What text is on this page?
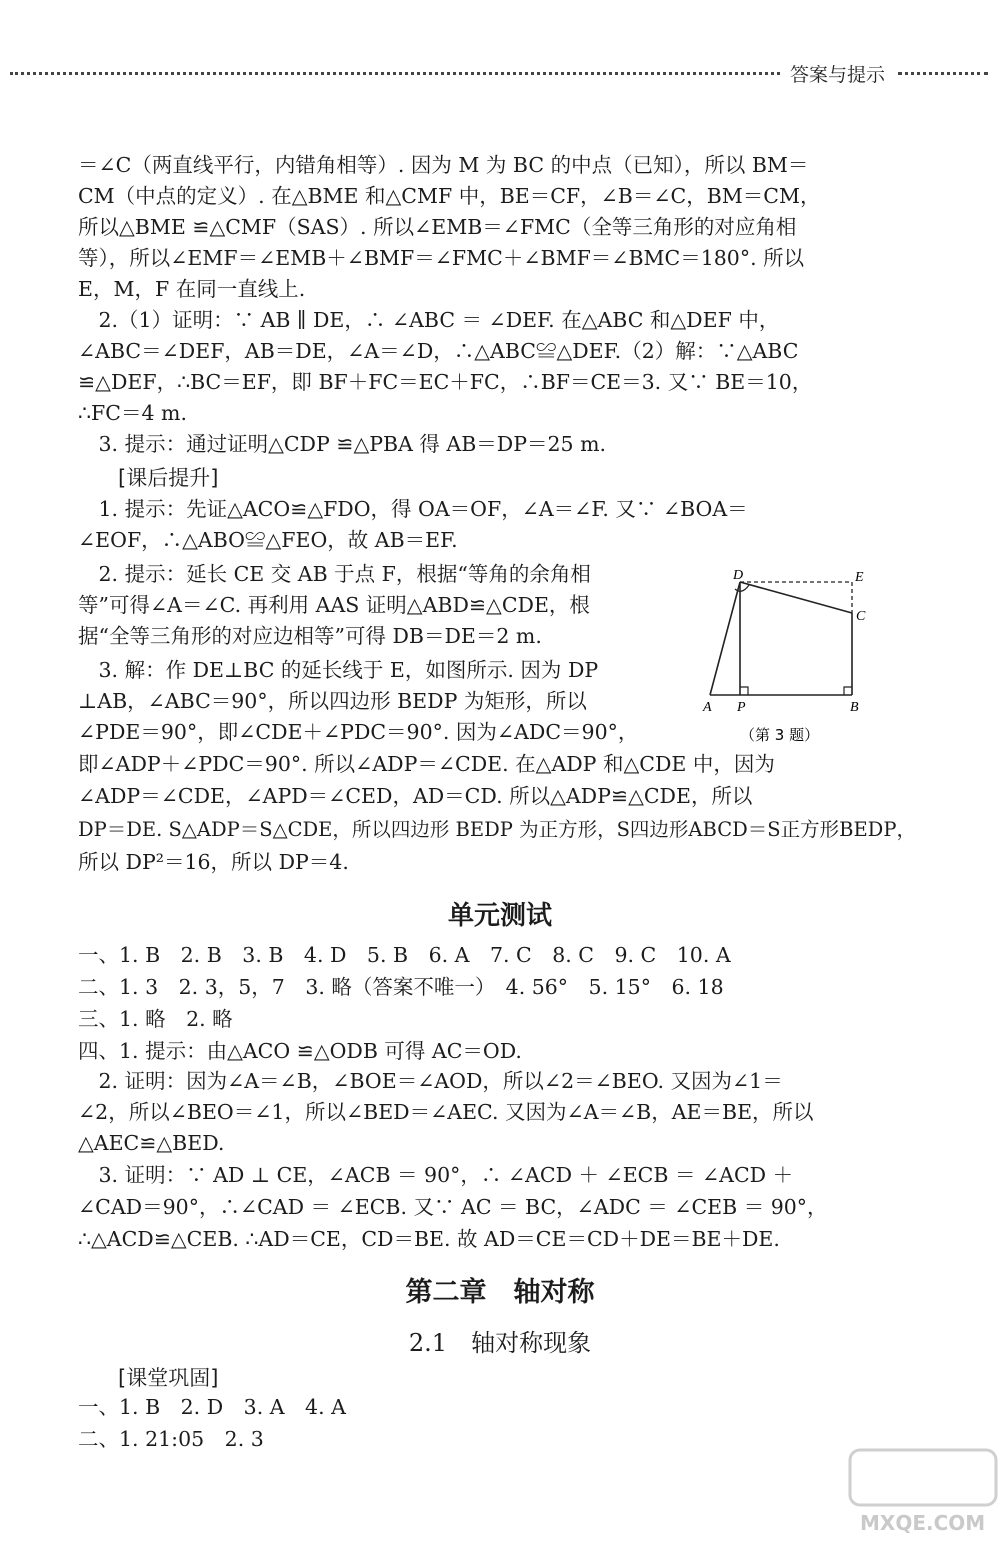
答案与提示
＝∠C（两直线平行，内错角相等）. 因为 M 为 BC 的中点（已知），所以 BM＝
CM（中点的定义）. 在△BME 和△CMF 中，BE＝CF，∠B＝∠C，BM＝CM，
所以△BME ≌△CMF（SAS）. 所以∠EMB＝∠FMC（全等三角形的对应角相
等），所以∠EMF＝∠EMB＋∠BMF＝∠FMC＋∠BMF＝∠BMC＝180°. 所以
E，M，F 在同一直线上.
　2.（1）证明：∵ AB ∥ DE，∴ ∠ABC ＝ ∠DEF. 在△ABC 和△DEF 中，
∠ABC＝∠DEF，AB＝DE，∠A＝∠D，∴△ABC≌△DEF.（2）解：∵△ABC
≌△DEF，∴BC＝EF，即 BF＋FC＝EC＋FC，∴BF＝CE＝3. 又∵ BE＝10，
∴FC＝4 m.
　3. 提示：通过证明△CDP ≌△PBA 得 AB＝DP＝25 m.
[课后提升]
　1. 提示：先证△ACO≌△FDO，得 OA＝OF，∠A＝∠F. 又∵ ∠BOA＝
∠EOF，∴△ABO≌△FEO，故 AB＝EF.
　2. 提示：延长 CE 交 AB 于点 F，根据“等角的余角相
等”可得∠A＝∠C. 再利用 AAS 证明△ABD≌△CDE，根
据“全等三角形的对应边相等”可得 DB＝DE＝2 m.
　3. 解：作 DE⊥BC 的延长线于 E，如图所示. 因为 DP
⊥AB，∠ABC＝90°，所以四边形 BEDP 为矩形，所以
∠PDE＝90°，即∠CDE＋∠PDC＝90°. 因为∠ADC＝90°，
即∠ADP＋∠PDC＝90°. 所以∠ADP＝∠CDE. 在△ADP 和△CDE 中，因为
∠ADP＝∠CDE，∠APD＝∠CED，AD＝CD. 所以△ADP≌△CDE，所以
DP＝DE. S△ADP＝S△CDE，所以四边形 BEDP 为正方形，S四边形ABCD＝S正方形BEDP，
所以 DP²＝16，所以 DP＝4.
D	E
C
A P	B
（第 3 题）
单元测试
一、1. B　2. B　3. B　4. D　5. B　6. A　7. C　8. C　9. C　10. A
二、1. 3　2. 3，5，7　3. 略（答案不唯一）　4. 56°　5. 15°　6. 18
三、1. 略　2. 略
四、1. 提示：由△ACO ≌△ODB 可得 AC＝OD.
　2. 证明：因为∠A＝∠B，∠BOE＝∠AOD，所以∠2＝∠BEO. 又因为∠1＝
∠2，所以∠BEO＝∠1，所以∠BED＝∠AEC. 又因为∠A＝∠B，AE＝BE，所以
△AEC≌△BED.
　3. 证明：∵ AD ⊥ CE，∠ACB ＝ 90°，∴ ∠ACD ＋ ∠ECB ＝ ∠ACD ＋
∠CAD＝90°，∴∠CAD ＝ ∠ECB. 又∵ AC ＝ BC，∠ADC ＝ ∠CEB ＝ 90°，
∴△ACD≌△CEB. ∴AD＝CE，CD＝BE. 故 AD＝CE＝CD＋DE＝BE＋DE.
第二章　轴对称
2.1　轴对称现象
[课堂巩固]
一、1. B　2. D　3. A　4. A
二、1. 21:05　2. 3
MXQE.COM
